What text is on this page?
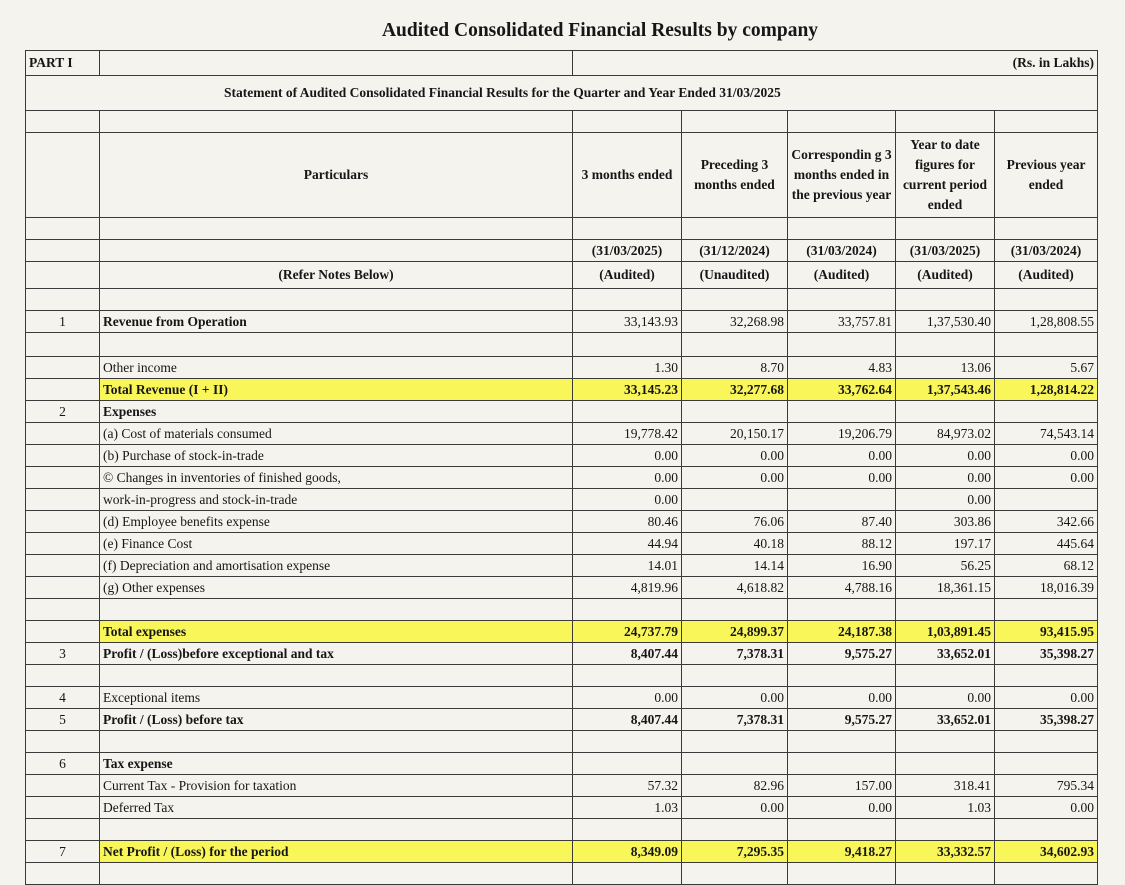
Audited Consolidated Financial Results by company
PART I		(Rs. in Lakhs)				
Statement of Audited Consolidated Financial Results for the Quarter and Year Ended 31/03/2025						

	Particulars	3 months ended	Preceding 3 months ended	Correspondin g 3 months ended in the previous year	Year to date figures for current period ended	Previous year ended

		(31/03/2025)	(31/12/2024)	(31/03/2024)	(31/03/2025)	(31/03/2024)
	(Refer Notes Below)	(Audited)	(Unaudited)	(Audited)	(Audited)	(Audited)

1	Revenue from Operation	33,143.93	32,268.98	33,757.81	1,37,530.40	1,28,808.55

	Other income	1.30	8.70	4.83	13.06	5.67
	Total Revenue (I + II)	33,145.23	32,277.68	33,762.64	1,37,543.46	1,28,814.22
2	Expenses					
	(a) Cost of materials consumed	19,778.42	20,150.17	19,206.79	84,973.02	74,543.14
	(b) Purchase of stock-in-trade	0.00	0.00	0.00	0.00	0.00
	© Changes in inventories of finished goods,	0.00	0.00	0.00	0.00	0.00
	work-in-progress and stock-in-trade	0.00			0.00	
	(d) Employee benefits expense	80.46	76.06	87.40	303.86	342.66
	(e) Finance Cost	44.94	40.18	88.12	197.17	445.64
	(f) Depreciation and amortisation expense	14.01	14.14	16.90	56.25	68.12
	(g) Other expenses	4,819.96	4,618.82	4,788.16	18,361.15	18,016.39

	Total expenses	24,737.79	24,899.37	24,187.38	1,03,891.45	93,415.95
3	Profit / (Loss)before exceptional and tax	8,407.44	7,378.31	9,575.27	33,652.01	35,398.27

4	Exceptional items	0.00	0.00	0.00	0.00	0.00
5	Profit / (Loss) before tax	8,407.44	7,378.31	9,575.27	33,652.01	35,398.27

6	Tax expense					
	Current Tax - Provision for taxation	57.32	82.96	157.00	318.41	795.34
	Deferred Tax	1.03	0.00	0.00	1.03	0.00

7	Net Profit / (Loss) for the period	8,349.09	7,295.35	9,418.27	33,332.57	34,602.93
